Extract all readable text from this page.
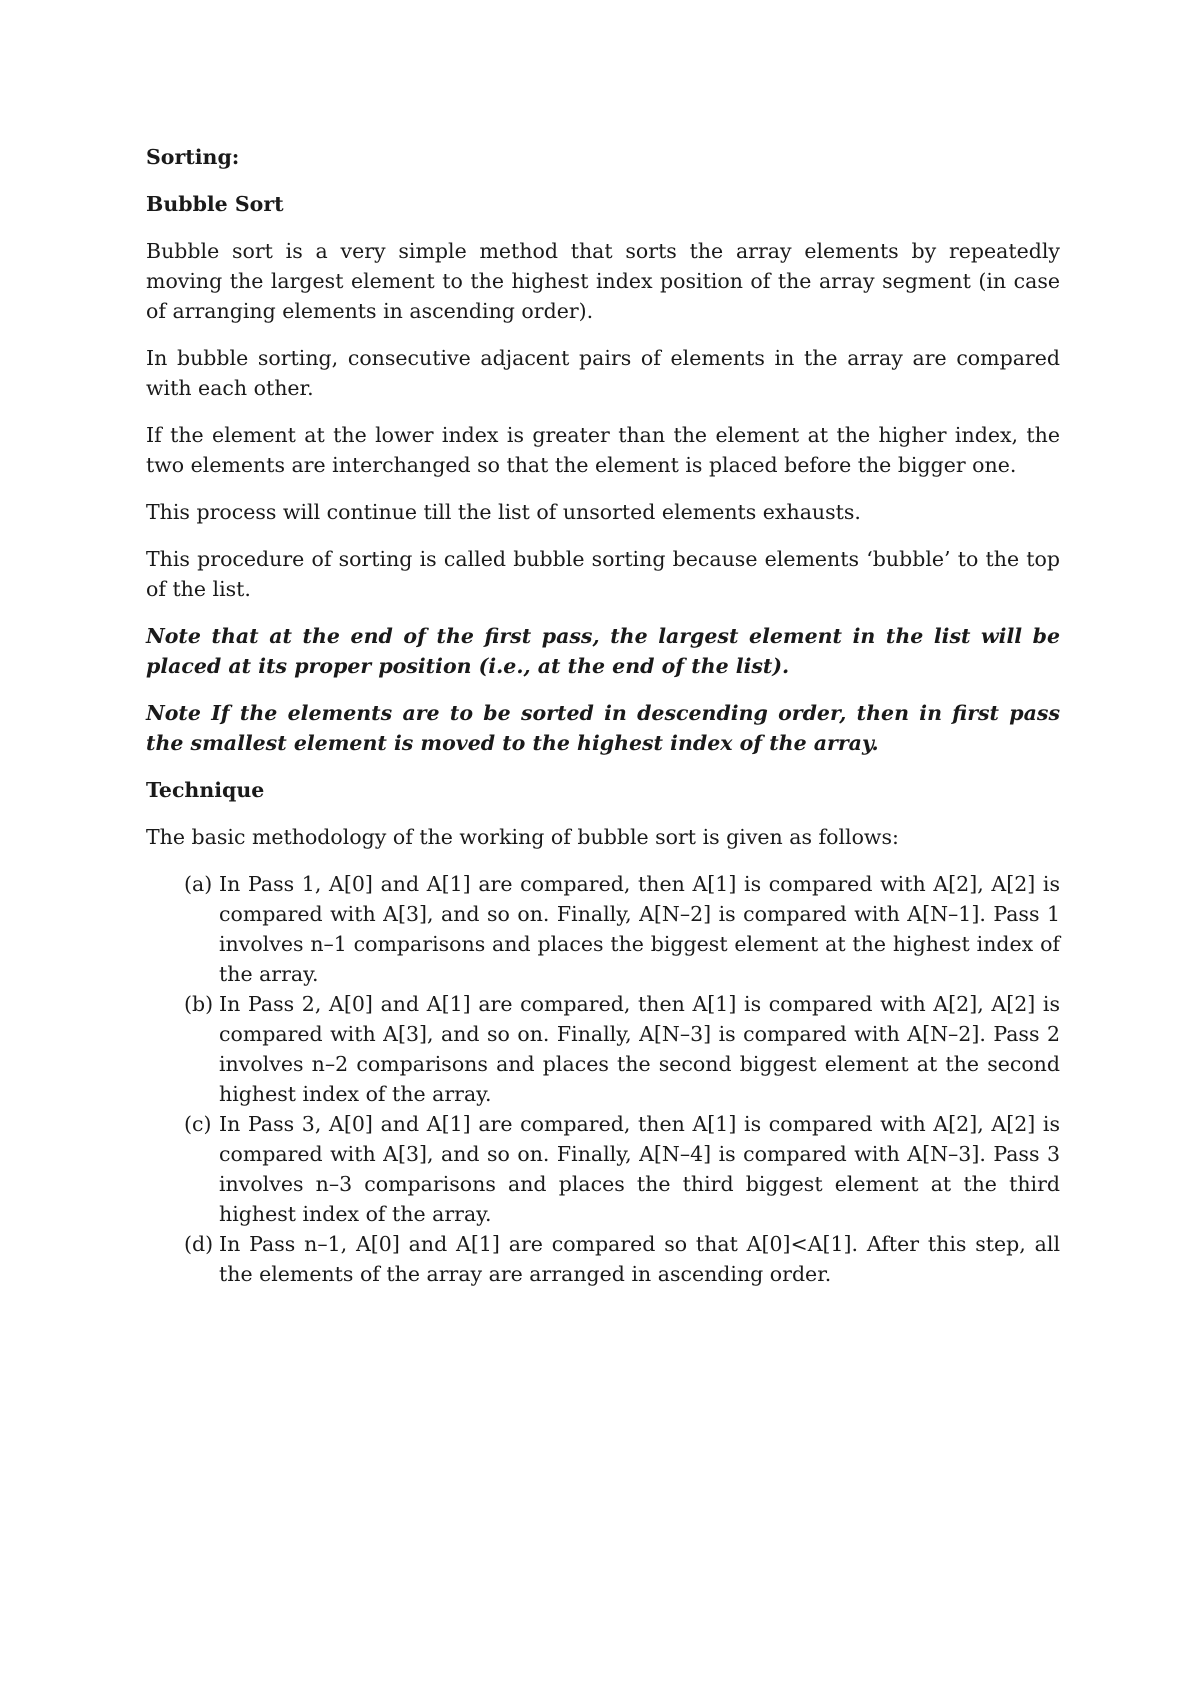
Sorting:
Bubble Sort

Bubble sort is a very simple method that sorts the array elements by repeatedly moving the largest element to the highest index position of the array segment (in case of arranging elements in ascending order).

In bubble sorting, consecutive adjacent pairs of elements in the array are compared with each other.

If the element at the lower index is greater than the element at the higher index, the two elements are interchanged so that the element is placed before the bigger one.

This process will continue till the list of unsorted elements exhausts.

This procedure of sorting is called bubble sorting because elements ‘bubble’ to the top of the list.

Note that at the end of the first pass, the largest element in the list will be placed at its proper position (i.e., at the end of the list).

Note If the elements are to be sorted in descending order, then in first pass the smallest element is moved to the highest index of the array.

Technique

The basic methodology of the working of bubble sort is given as follows:

(a) In Pass 1, A[0] and A[1] are compared, then A[1] is compared with A[2], A[2] is compared with A[3], and so on. Finally, A[N–2] is compared with A[N–1]. Pass 1 involves n–1 comparisons and places the biggest element at the highest index of the array.
(b) In Pass 2, A[0] and A[1] are compared, then A[1] is compared with A[2], A[2] is compared with A[3], and so on. Finally, A[N–3] is compared with A[N–2]. Pass 2 involves n–2 comparisons and places the second biggest element at the second highest index of the array.
(c) In Pass 3, A[0] and A[1] are compared, then A[1] is compared with A[2], A[2] is compared with A[3], and so on. Finally, A[N–4] is compared with A[N–3]. Pass 3 involves n–3 comparisons and places the third biggest element at the third highest index of the array.
(d) In Pass n–1, A[0] and A[1] are compared so that A[0]<A[1]. After this step, all the elements of the array are arranged in ascending order.
